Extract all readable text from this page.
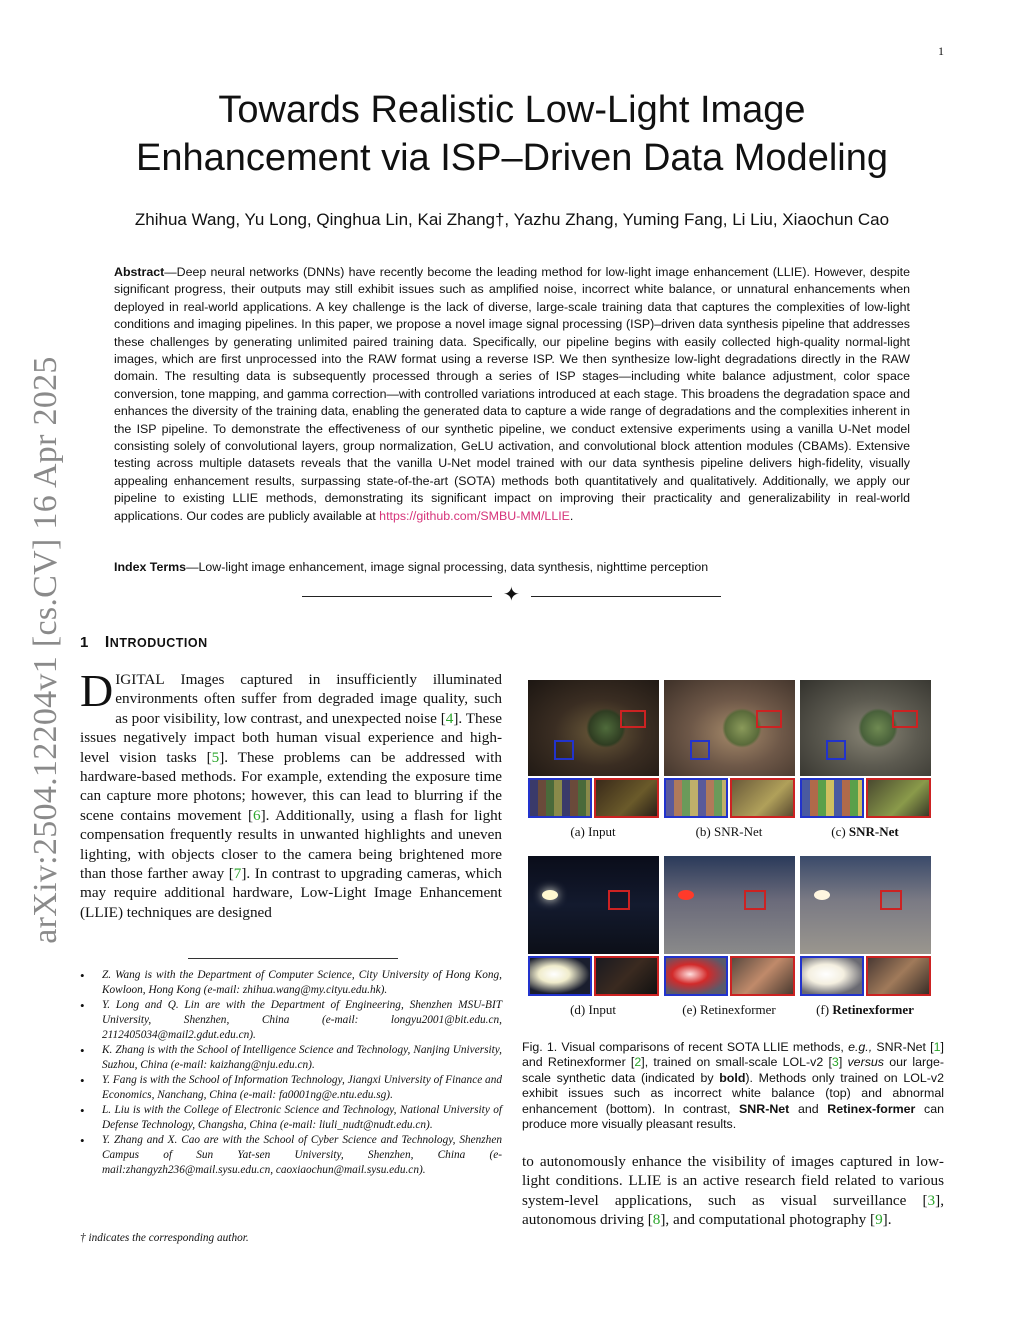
1
arXiv:2504.12204v1 [cs.CV] 16 Apr 2025
Towards Realistic Low-Light Image
Enhancement via ISP–Driven Data Modeling
Zhihua Wang, Yu Long, Qinghua Lin, Kai Zhang†, Yazhu Zhang, Yuming Fang, Li Liu, Xiaochun Cao
Abstract—Deep neural networks (DNNs) have recently become the leading method for low-light image enhancement (LLIE). However, despite significant progress, their outputs may still exhibit issues such as amplified noise, incorrect white balance, or unnatural enhancements when deployed in real-world applications. A key challenge is the lack of diverse, large-scale training data that captures the complexities of low-light conditions and imaging pipelines. In this paper, we propose a novel image signal processing (ISP)–driven data synthesis pipeline that addresses these challenges by generating unlimited paired training data. Specifically, our pipeline begins with easily collected high-quality normal-light images, which are first unprocessed into the RAW format using a reverse ISP. We then synthesize low-light degradations directly in the RAW domain. The resulting data is subsequently processed through a series of ISP stages—including white balance adjustment, color space conversion, tone mapping, and gamma correction—with controlled variations introduced at each stage. This broadens the degradation space and enhances the diversity of the training data, enabling the generated data to capture a wide range of degradations and the complexities inherent in the ISP pipeline. To demonstrate the effectiveness of our synthetic pipeline, we conduct extensive experiments using a vanilla U-Net model consisting solely of convolutional layers, group normalization, GeLU activation, and convolutional block attention modules (CBAMs). Extensive testing across multiple datasets reveals that the vanilla U-Net model trained with our data synthesis pipeline delivers high-fidelity, visually appealing enhancement results, surpassing state-of-the-art (SOTA) methods both quantitatively and qualitatively. Additionally, we apply our pipeline to existing LLIE methods, demonstrating its significant impact on improving their practicality and generalizability in real-world applications. Our codes are publicly available at https://github.com/SMBU-MM/LLIE.
Index Terms—Low-light image enhancement, image signal processing, data synthesis, nighttime perception
✦
1 INTRODUCTION
DIGITAL Images captured in insufficiently illuminated environments often suffer from degraded image quality, such as poor visibility, low contrast, and unexpected noise [4]. These issues negatively impact both human visual experience and high-level vision tasks [5]. These problems can be addressed with hardware-based methods. For example, extending the exposure time can capture more photons; however, this can lead to blurring if the scene contains movement [6]. Additionally, using a flash for light compensation frequently results in unwanted highlights and uneven lighting, with objects closer to the camera being brightened more than those farther away [7]. In contrast to upgrading cameras, which may require additional hardware, Low-Light Image Enhancement (LLIE) techniques are designed
• Z. Wang is with the Department of Computer Science, City University of Hong Kong, Kowloon, Hong Kong (e-mail: zhihua.wang@my.cityu.edu.hk).
• Y. Long and Q. Lin are with the Department of Engineering, Shenzhen MSU-BIT University, Shenzhen, China (e-mail: longyu2001@bit.edu.cn, 2112405034@mail2.gdut.edu.cn).
• K. Zhang is with the School of Intelligence Science and Technology, Nanjing University, Suzhou, China (e-mail: kaizhang@nju.edu.cn).
• Y. Fang is with the School of Information Technology, Jiangxi University of Finance and Economics, Nanchang, China (e-mail: fa0001ng@e.ntu.edu.sg).
• L. Liu is with the College of Electronic Science and Technology, National University of Defense Technology, Changsha, China (e-mail: liuli_nudt@nudt.edu.cn).
• Y. Zhang and X. Cao are with the School of Cyber Science and Technology, Shenzhen Campus of Sun Yat-sen University, Shenzhen, China (e-mail:zhangyzh236@mail.sysu.edu.cn, caoxiaochun@mail.sysu.edu.cn).
† indicates the corresponding author.
(a) Input	(b) SNR-Net	(c) SNR-Net
(d) Input	(e) Retinexformer	(f) Retinexformer
Fig. 1. Visual comparisons of recent SOTA LLIE methods, e.g., SNR-Net [1] and Retinexformer [2], trained on small-scale LOL-v2 [3] versus our large-scale synthetic data (indicated by bold). Methods only trained on LOL-v2 exhibit issues such as incorrect white balance (top) and abnormal enhancement (bottom). In contrast, SNR-Net and Retinex-former can produce more visually pleasant results.
to autonomously enhance the visibility of images captured in low-light conditions. LLIE is an active research field related to various system-level applications, such as visual surveillance [3], autonomous driving [8], and computational photography [9].
